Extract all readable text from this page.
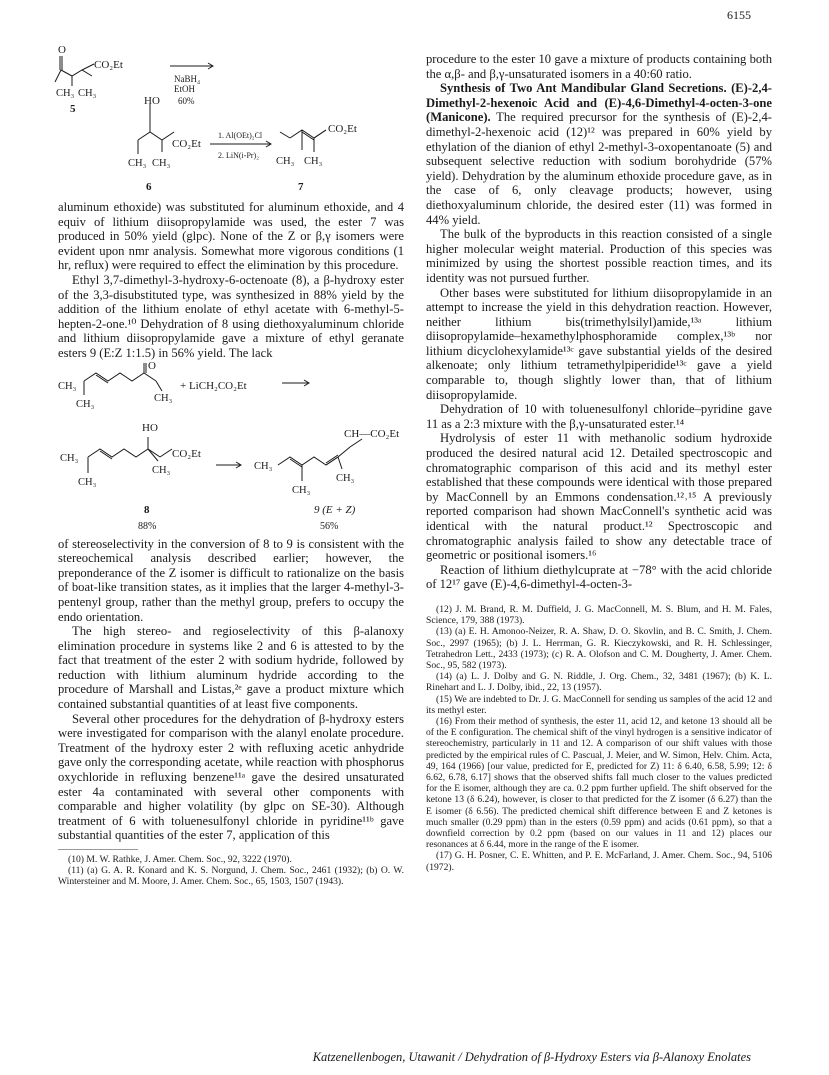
6155
O
CO₂Et
CH₃ CH₃
5
NaBH₄
EtOH
60%
HO
CO₂Et
1. Al(OEt)₂Cl
2. LiN(i-Pr)₂
CO₂Et
CH₃ CH₃	CH₃ CH₃
6	7

aluminum ethoxide) was substituted for aluminum ethoxide, and 4 equiv of lithium diisopropylamide was used, the ester 7 was produced in 50% yield (glpc). None of the Z or β,γ isomers were evident upon nmr analysis. Somewhat more vigorous conditions (1 hr, reflux) were required to effect the elimination by this procedure.

Ethyl 3,7-dimethyl-3-hydroxy-6-octenoate (8), a β-hydroxy ester of the 3,3-disubstituted type, was synthesized in 88% yield by the addition of the lithium enolate of ethyl acetate with 6-methyl-5-hepten-2-one.¹⁰ Dehydration of 8 using diethoxyaluminum chloride and lithium diisopropylamide gave a mixture of ethyl geranate esters 9 (E:Z 1:1.5) in 56% yield. The lack

O
CH₃
CH₃
CH₃
+ LiCH₂CO₂Et
HO
CO₂Et
CH₃
CH₃
CH₃
CH—CO₂Et
CH₃
CH₃
CH₃
8	9 (E + Z)
88%	56%

of stereoselectivity in the conversion of 8 to 9 is consistent with the stereochemical analysis described earlier; however, the preponderance of the Z isomer is difficult to rationalize on the basis of boat-like transition states, as it implies that the larger 4-methyl-3-pentenyl group, rather than the methyl group, prefers to occupy the endo orientation.

The high stereo- and regioselectivity of this β-alanoxy elimination procedure in systems like 2 and 6 is attested to by the fact that treatment of the ester 2 with sodium hydride, followed by reduction with lithium aluminum hydride according to the procedure of Marshall and Listas,²ᵉ gave a product mixture which contained substantial quantities of at least five components.

Several other procedures for the dehydration of β-hydroxy esters were investigated for comparison with the alanyl enolate procedure. Treatment of the hydroxy ester 2 with refluxing acetic anhydride gave only the corresponding acetate, while reaction with phosphorus oxychloride in refluxing benzene¹¹ᵃ gave the desired unsaturated ester 4a contaminated with several other components with comparable and higher volatility (by glpc on SE-30). Although treatment of 6 with toluenesulfonyl chloride in pyridine¹¹ᵇ gave substantial quantities of the ester 7, application of this

(10) M. W. Rathke, J. Amer. Chem. Soc., 92, 3222 (1970).

(11) (a) G. A. R. Konard and K. S. Norgund, J. Chem. Soc., 2461 (1932); (b) O. W. Wintersteiner and M. Moore, J. Amer. Chem. Soc., 65, 1503, 1507 (1943).

procedure to the ester 10 gave a mixture of products containing both the α,β- and β,γ-unsaturated isomers in a 40:60 ratio.

Synthesis of Two Ant Mandibular Gland Secretions. (E)-2,4-Dimethyl-2-hexenoic Acid and (E)-4,6-Dimethyl-4-octen-3-one (Manicone). The required precursor for the synthesis of (E)-2,4-dimethyl-2-hexenoic acid (12)¹² was prepared in 60% yield by ethylation of the dianion of ethyl 2-methyl-3-oxopentanoate (5) and subsequent selective reduction with sodium borohydride (57% yield). Dehydration by the aluminum ethoxide procedure gave, as in the case of 6, only cleavage products; however, using diethoxyaluminum chloride, the desired ester (11) was formed in 44% yield.

The bulk of the byproducts in this reaction consisted of a single higher molecular weight material. Production of this species was minimized by using the shortest possible reaction times, and its identity was not pursued further.

Other bases were substituted for lithium diisopropylamide in an attempt to increase the yield in this dehydration reaction. However, neither lithium bis(trimethylsilyl)amide,¹³ᵃ lithium diisopropylamide–hexamethylphosphoramide complex,¹³ᵇ nor lithium dicyclohexylamide¹³ᶜ gave substantial yields of the desired alkenoate; only lithium tetramethylpiperidide¹³ᶜ gave a yield comparable to, though slightly lower than, that of lithium diisopropylamide.

Dehydration of 10 with toluenesulfonyl chloride–pyridine gave 11 as a 2:3 mixture with the β,γ-unsaturated ester.¹⁴

Hydrolysis of ester 11 with methanolic sodium hydroxide produced the desired natural acid 12. Detailed spectroscopic and chromatographic comparison of this acid and its methyl ester established that these compounds were identical with those prepared by MacConnell by an Emmons condensation.¹²˒¹⁵ A previously reported comparison had shown MacConnell's synthetic acid was identical with the natural product.¹² Spectroscopic and chromatographic analysis failed to show any detectable trace of geometric or positional isomers.¹⁶

Reaction of lithium diethylcuprate at −78° with the acid chloride of 12¹⁷ gave (E)-4,6-dimethyl-4-octen-3-

(12) J. M. Brand, R. M. Duffield, J. G. MacConnell, M. S. Blum, and H. M. Fales, Science, 179, 388 (1973).

(13) (a) E. H. Amonoo-Neizer, R. A. Shaw, D. O. Skovlin, and B. C. Smith, J. Chem. Soc., 2997 (1965); (b) J. L. Herrman, G. R. Kieczykowski, and R. H. Schlessinger, Tetrahedron Lett., 2433 (1973); (c) R. A. Olofson and C. M. Dougherty, J. Amer. Chem. Soc., 95, 582 (1973).

(14) (a) L. J. Dolby and G. N. Riddle, J. Org. Chem., 32, 3481 (1967); (b) K. L. Rinehart and L. J. Dolby, ibid., 22, 13 (1957).

(15) We are indebted to Dr. J. G. MacConnell for sending us samples of the acid 12 and its methyl ester.

(16) From their method of synthesis, the ester 11, acid 12, and ketone 13 should all be of the E configuration. The chemical shift of the vinyl hydrogen is a sensitive indicator of stereochemistry, particularly in 11 and 12. A comparison of our shift values with those predicted by the empirical rules of C. Pascual, J. Meier, and W. Simon, Helv. Chim. Acta, 49, 164 (1966) [our value, predicted for E, predicted for Z) 11: δ 6.40, 6.58, 5.99; 12: δ 6.62, 6.78, 6.17] shows that the observed shifts fall much closer to the values predicted for the E isomer, although they are ca. 0.2 ppm further upfield. The shift observed for the ketone 13 (δ 6.24), however, is closer to that predicted for the Z isomer (δ 6.27) than the E isomer (δ 6.56). The predicted chemical shift difference between E and Z ketones is much smaller (0.29 ppm) than in the esters (0.59 ppm) and acids (0.61 ppm), so that a downfield correction by 0.2 ppm (based on our values in 11 and 12) places our resonances at δ 6.44, more in the range of the E isomer.

(17) G. H. Posner, C. E. Whitten, and P. E. McFarland, J. Amer. Chem. Soc., 94, 5106 (1972).

Katzenellenbogen, Utawanit / Dehydration of β-Hydroxy Esters via β-Alanoxy Enolates
